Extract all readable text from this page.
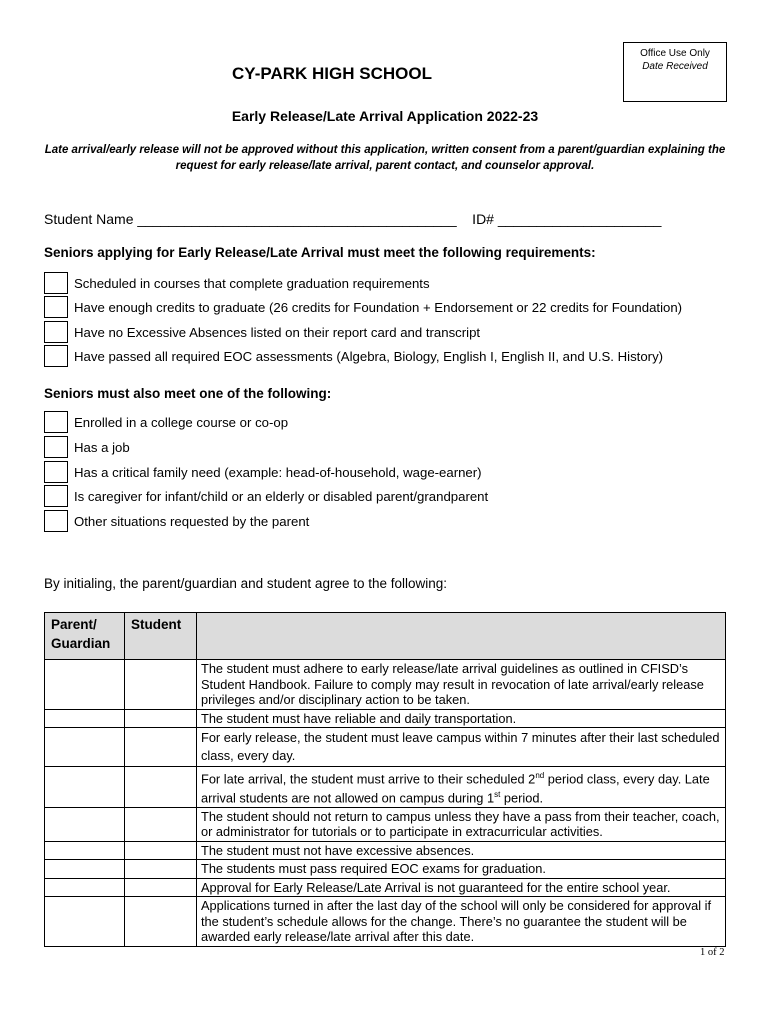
Office Use Only
Date Received
CY-PARK HIGH SCHOOL
Early Release/Late Arrival Application 2022-23
Late arrival/early release will not be approved without this application, written consent from a parent/guardian explaining the request for early release/late arrival, parent contact, and counselor approval.
Student Name _________________________________________    ID# _____________________
Seniors applying for Early Release/Late Arrival must meet the following requirements:
Scheduled in courses that complete graduation requirements
Have enough credits to graduate (26 credits for Foundation + Endorsement or 22 credits for Foundation)
Have no Excessive Absences listed on their report card and transcript
Have passed all required EOC assessments (Algebra, Biology, English I, English II, and U.S. History)
Seniors must also meet one of the following:
Enrolled in a college course or co-op
Has a job
Has a critical family need (example: head-of-household, wage-earner)
Is caregiver for infant/child or an elderly or disabled parent/grandparent
Other situations requested by the parent
By initialing, the parent/guardian and student agree to the following:
Parent/ Guardian	Student	
		The student must adhere to early release/late arrival guidelines as outlined in CFISD’s Student Handbook. Failure to comply may result in revocation of late arrival/early release privileges and/or disciplinary action to be taken.
		The student must have reliable and daily transportation.
		For early release, the student must leave campus within 7 minutes after their last scheduled class, every day.
		For late arrival, the student must arrive to their scheduled 2nd period class, every day. Late arrival students are not allowed on campus during 1st period.
		The student should not return to campus unless they have a pass from their teacher, coach, or administrator for tutorials or to participate in extracurricular activities.
		The student must not have excessive absences.
		The students must pass required EOC exams for graduation.
		Approval for Early Release/Late Arrival is not guaranteed for the entire school year.
		Applications turned in after the last day of the school will only be considered for approval if the student’s schedule allows for the change. There’s no guarantee the student will be awarded early release/late arrival after this date.
1 of 2
